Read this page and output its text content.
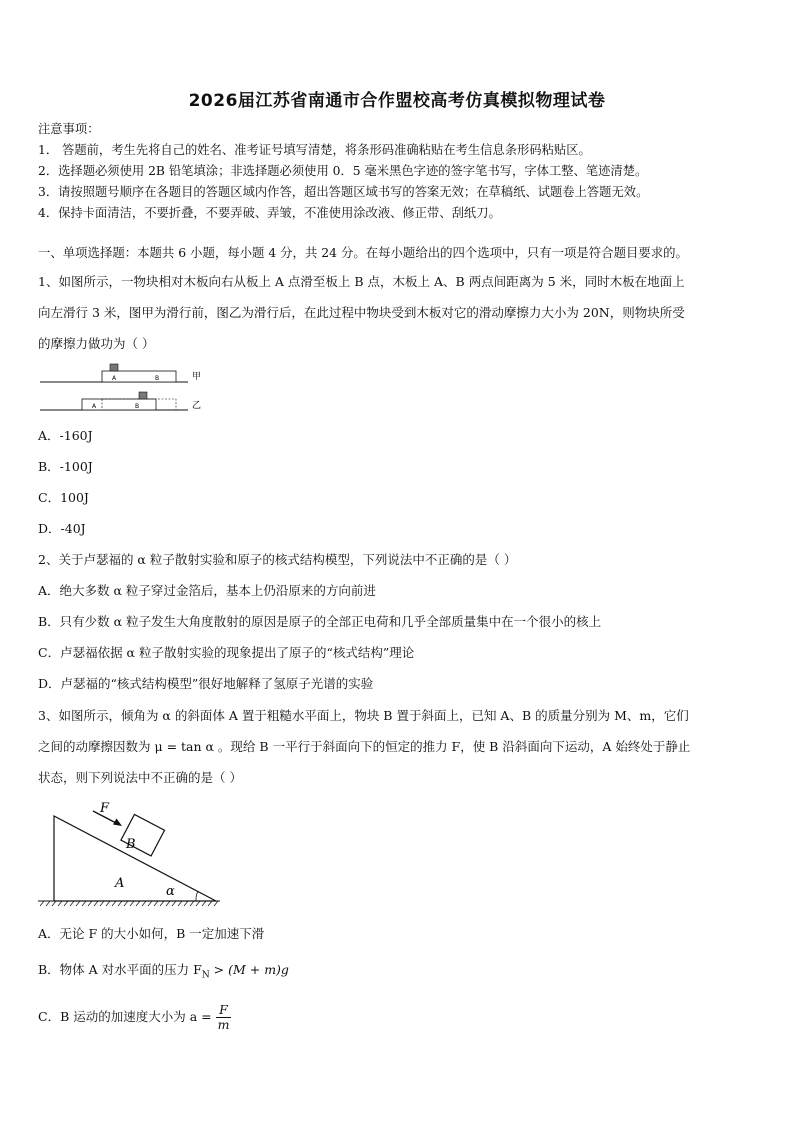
2026届江苏省南通市合作盟校高考仿真模拟物理试卷
注意事项：
1． 答题前，考生先将自己的姓名、准考证号填写清楚，将条形码准确粘贴在考生信息条形码粘贴区。
2．选择题必须使用 2B 铅笔填涂；非选择题必须使用 0．5 毫米黑色字迹的签字笔书写，字体工整、笔迹清楚。
3．请按照题号顺序在各题目的答题区域内作答，超出答题区域书写的答案无效；在草稿纸、试题卷上答题无效。
4．保持卡面清洁，不要折叠，不要弄破、弄皱，不准使用涂改液、修正带、刮纸刀。
一、单项选择题：本题共 6 小题，每小题 4 分，共 24 分。在每小题给出的四个选项中，只有一项是符合题目要求的。
1、如图所示，一物块相对木板向右从板上 A 点滑至板上 B 点，木板上 A、B 两点间距离为 5 米，同时木板在地面上
向左滑行 3 米，图甲为滑行前，图乙为滑行后，在此过程中物块受到木板对它的滑动摩擦力大小为 20N，则物块所受
的摩擦力做功为（ ）
A	B	甲
A	B	乙
A．-160J
B．-100J
C．100J
D．-40J
2、关于卢瑟福的 α 粒子散射实验和原子的核式结构模型，下列说法中不正确的是（ ）
A．绝大多数 α 粒子穿过金箔后，基本上仍沿原来的方向前进
B．只有少数 α 粒子发生大角度散射的原因是原子的全部正电荷和几乎全部质量集中在一个很小的核上
C．卢瑟福依据 α 粒子散射实验的现象提出了原子的“核式结构”理论
D．卢瑟福的“核式结构模型”很好地解释了氢原子光谱的实验
3、如图所示，倾角为 α 的斜面体 A 置于粗糙水平面上，物块 B 置于斜面上，已知 A、B 的质量分别为 M、m，它们
之间的动摩擦因数为 μ = tan α 。现给 B 一平行于斜面向下的恒定的推力 F，使 B 沿斜面向下运动，A 始终处于静止
状态，则下列说法中不正确的是（ ）
F
B
A
α
A．无论 F 的大小如何，B 一定加速下滑
B．物体 A 对水平面的压力 $F_N > (M + m)g$
C．B 运动的加速度大小为 $a = \frac{F}{m}$
